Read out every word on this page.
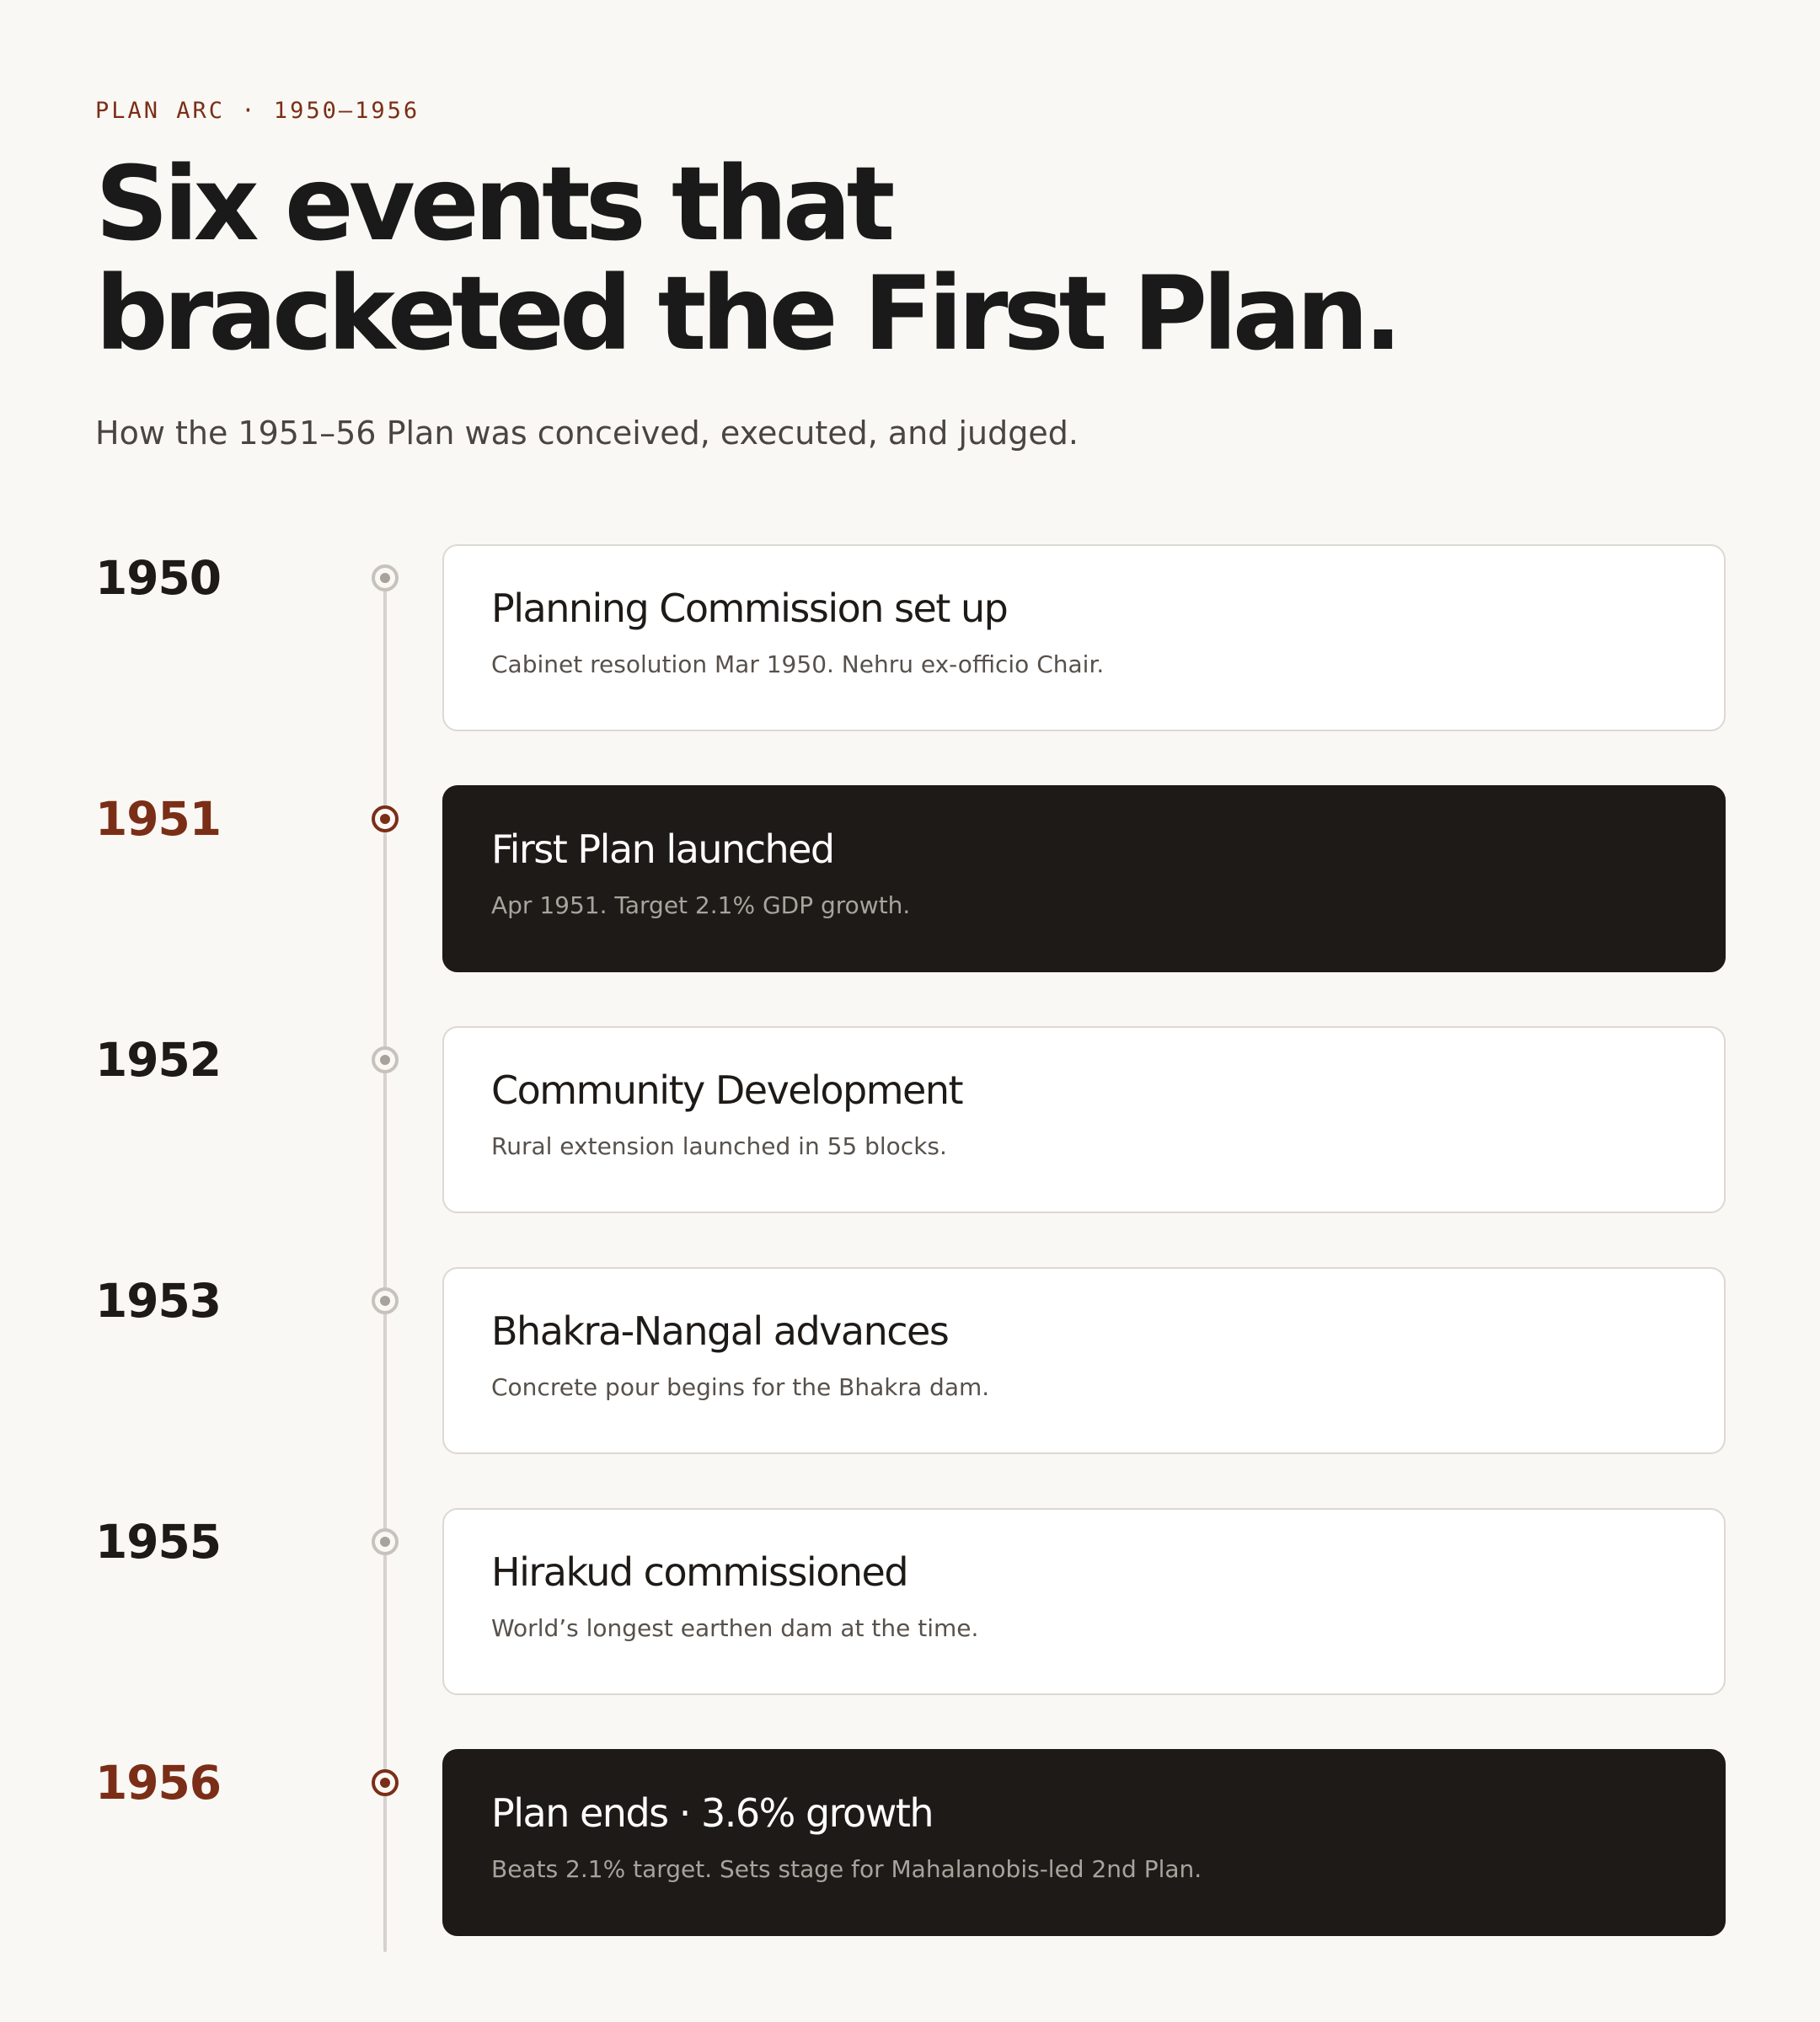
PLAN ARC · 1950–1956
Six events that
bracketed the First Plan.
How the 1951–56 Plan was conceived, executed, and judged.
1950
Planning Commission set up
Cabinet resolution Mar 1950. Nehru ex-officio Chair.
1951
First Plan launched
Apr 1951. Target 2.1% GDP growth.
1952
Community Development
Rural extension launched in 55 blocks.
1953
Bhakra-Nangal advances
Concrete pour begins for the Bhakra dam.
1955
Hirakud commissioned
World’s longest earthen dam at the time.
1956
Plan ends · 3.6% growth
Beats 2.1% target. Sets stage for Mahalanobis-led 2nd Plan.
